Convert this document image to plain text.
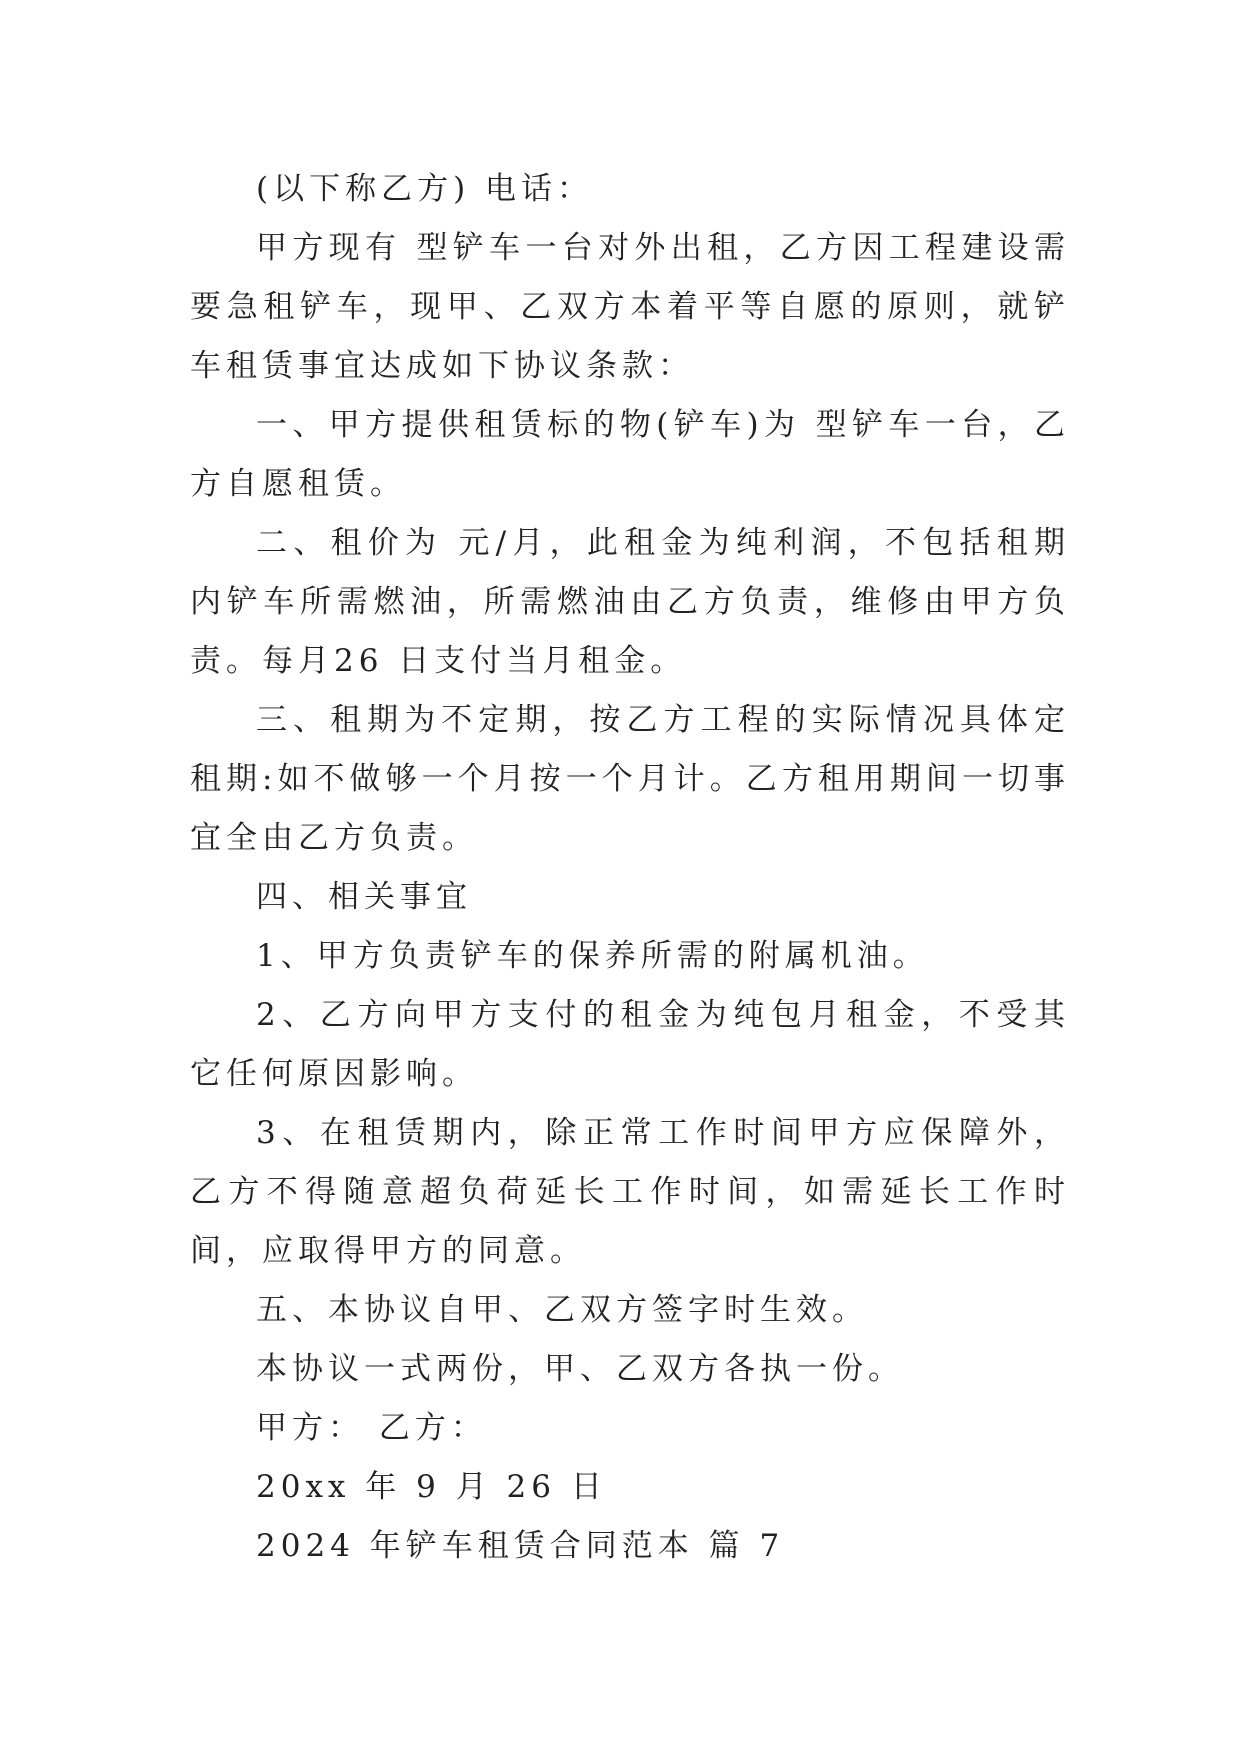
(以下称乙方) 电话：

甲方现有 型铲车一台对外出租，乙方因工程建设需要急租铲车，现甲、乙双方本着平等自愿的原则，就铲车租赁事宜达成如下协议条款：

一、甲方提供租赁标的物(铲车)为 型铲车一台，乙方自愿租赁。

二、租价为 元/月，此租金为纯利润，不包括租期内铲车所需燃油，所需燃油由乙方负责，维修由甲方负责。每月26 日支付当月租金。

三、租期为不定期，按乙方工程的实际情况具体定租期:如不做够一个月按一个月计。乙方租用期间一切事宜全由乙方负责。

四、相关事宜

1、甲方负责铲车的保养所需的附属机油。

2、乙方向甲方支付的租金为纯包月租金，不受其它任何原因影响。

3、在租赁期内，除正常工作时间甲方应保障外，乙方不得随意超负荷延长工作时间，如需延长工作时间，应取得甲方的同意。

五、本协议自甲、乙双方签字时生效。

本协议一式两份，甲、乙双方各执一份。

甲方： 乙方：

20xx 年 9 月 26 日

2024 年铲车租赁合同范本 篇 7
